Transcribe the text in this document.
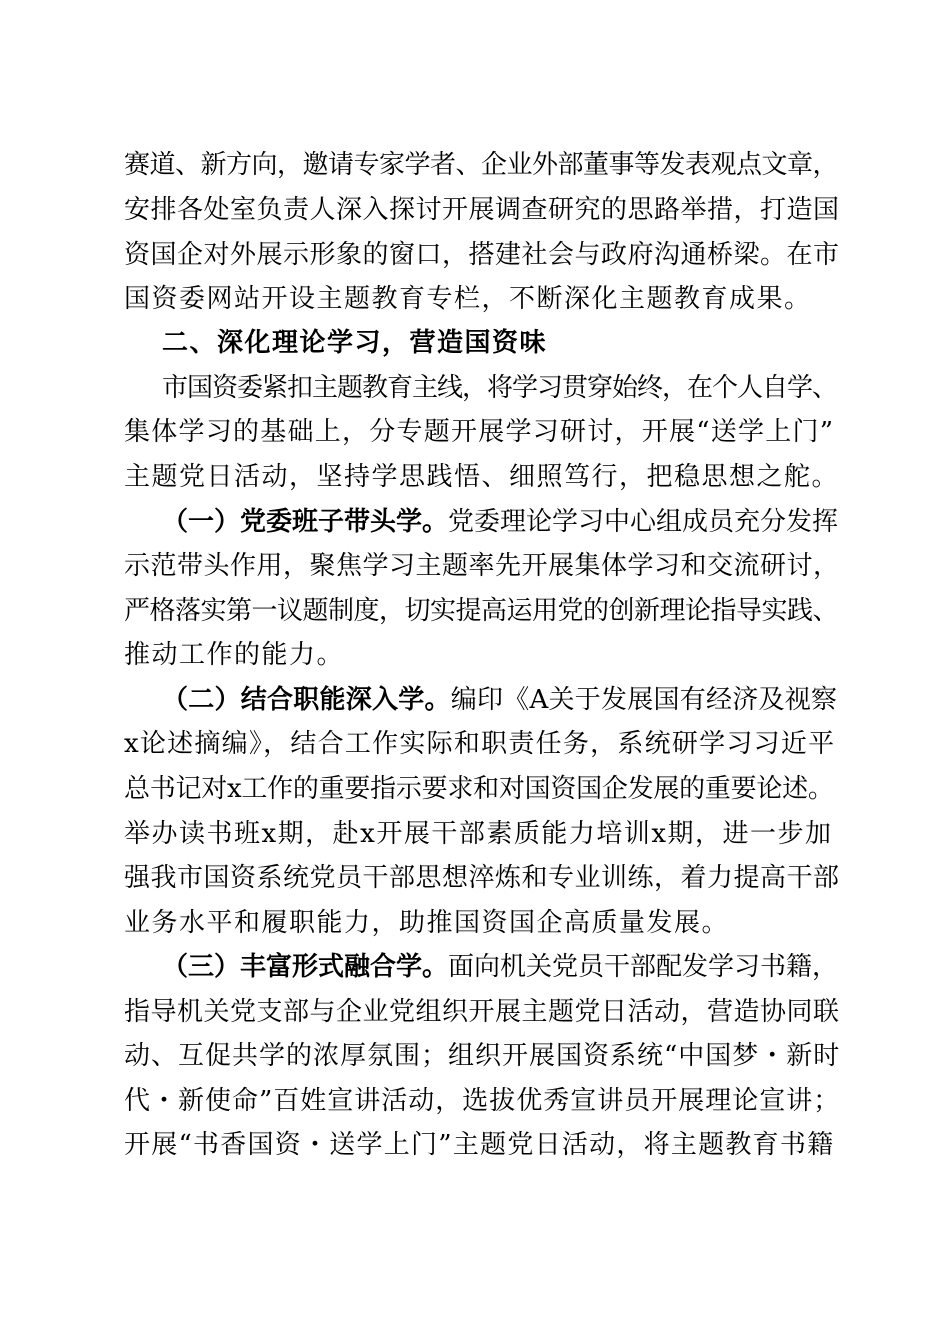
赛道、新方向，邀请专家学者、企业外部董事等发表观点文章，
安排各处室负责人深入探讨开展调查研究的思路举措，打造国
资国企对外展示形象的窗口，搭建社会与政府沟通桥梁。在市
国资委网站开设主题教育专栏，不断深化主题教育成果。
二、深化理论学习，营造国资味
市国资委紧扣主题教育主线，将学习贯穿始终，在个人自学、
集体学习的基础上，分专题开展学习研讨，开展“送学上门”
主题党日活动，坚持学思践悟、细照笃行，把稳思想之舵。
（一）党委班子带头学。党委理论学习中心组成员充分发挥
示范带头作用，聚焦学习主题率先开展集体学习和交流研讨，
严格落实第一议题制度，切实提高运用党的创新理论指导实践、
推动工作的能力。
（二）结合职能深入学。编印《A关于发展国有经济及视察
x论述摘编》，结合工作实际和职责任务，系统研学习习近平
总书记对x工作的重要指示要求和对国资国企发展的重要论述。
举办读书班x期，赴x开展干部素质能力培训x期，进一步加
强我市国资系统党员干部思想淬炼和专业训练，着力提高干部
业务水平和履职能力，助推国资国企高质量发展。
（三）丰富形式融合学。面向机关党员干部配发学习书籍，
指导机关党支部与企业党组织开展主题党日活动，营造协同联
动、互促共学的浓厚氛围；组织开展国资系统“中国梦・新时
代・新使命”百姓宣讲活动，选拔优秀宣讲员开展理论宣讲；
开展“书香国资・送学上门”主题党日活动，将主题教育书籍
